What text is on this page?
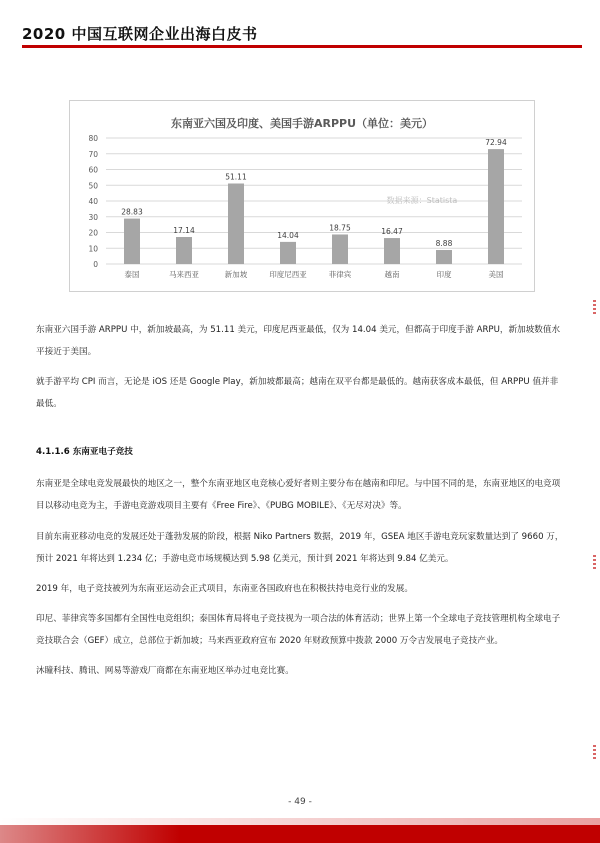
2020 中国互联网企业出海白皮书
东南亚六国及印度、美国手游ARPPU（单位：美元）
0
10
20
30
40
50
60
70
80
28.83
泰国
17.14
马来西亚
51.11
新加坡
14.04
印度尼西亚
18.75
菲律宾
16.47
越南
8.88
印度
72.94
美国
数据来源：Statista
东南亚六国手游 ARPPU 中，新加坡最高，为 51.11 美元，印度尼西亚最低，仅为 14.04 美元，但都高于印度手游 ARPU，新加坡数值水平接近于美国。
就手游平均 CPI 而言，无论是 iOS 还是 Google Play，新加坡都最高；越南在双平台都是最低的。越南获客成本最低，但 ARPPU 值并非最低。
4.1.1.6 东南亚电子竞技
东南亚是全球电竞发展最快的地区之一，整个东南亚地区电竞核心爱好者则主要分布在越南和印尼。与中国不同的是，东南亚地区的电竞项目以移动电竞为主，手游电竞游戏项目主要有《Free Fire》、《PUBG MOBILE》、《无尽对决》等。
目前东南亚移动电竞的发展还处于蓬勃发展的阶段，根据 Niko Partners 数据，2019 年，GSEA 地区手游电竞玩家数量达到了 9660 万，预计 2021 年将达到 1.234 亿；手游电竞市场规模达到 5.98 亿美元，预计到 2021 年将达到 9.84 亿美元。
2019 年，电子竞技被列为东南亚运动会正式项目，东南亚各国政府也在积极扶持电竞行业的发展。
印尼、菲律宾等多国都有全国性电竞组织；泰国体育局将电子竞技视为一项合法的体育活动；世界上第一个全球电子竞技管理机构全球电子竞技联合会（GEF）成立，总部位于新加坡；马来西亚政府宣布 2020 年财政预算中拨款 2000 万令吉发展电子竞技产业。
沐瞳科技、腾讯、网易等游戏厂商都在东南亚地区举办过电竞比赛。
- 49 -
